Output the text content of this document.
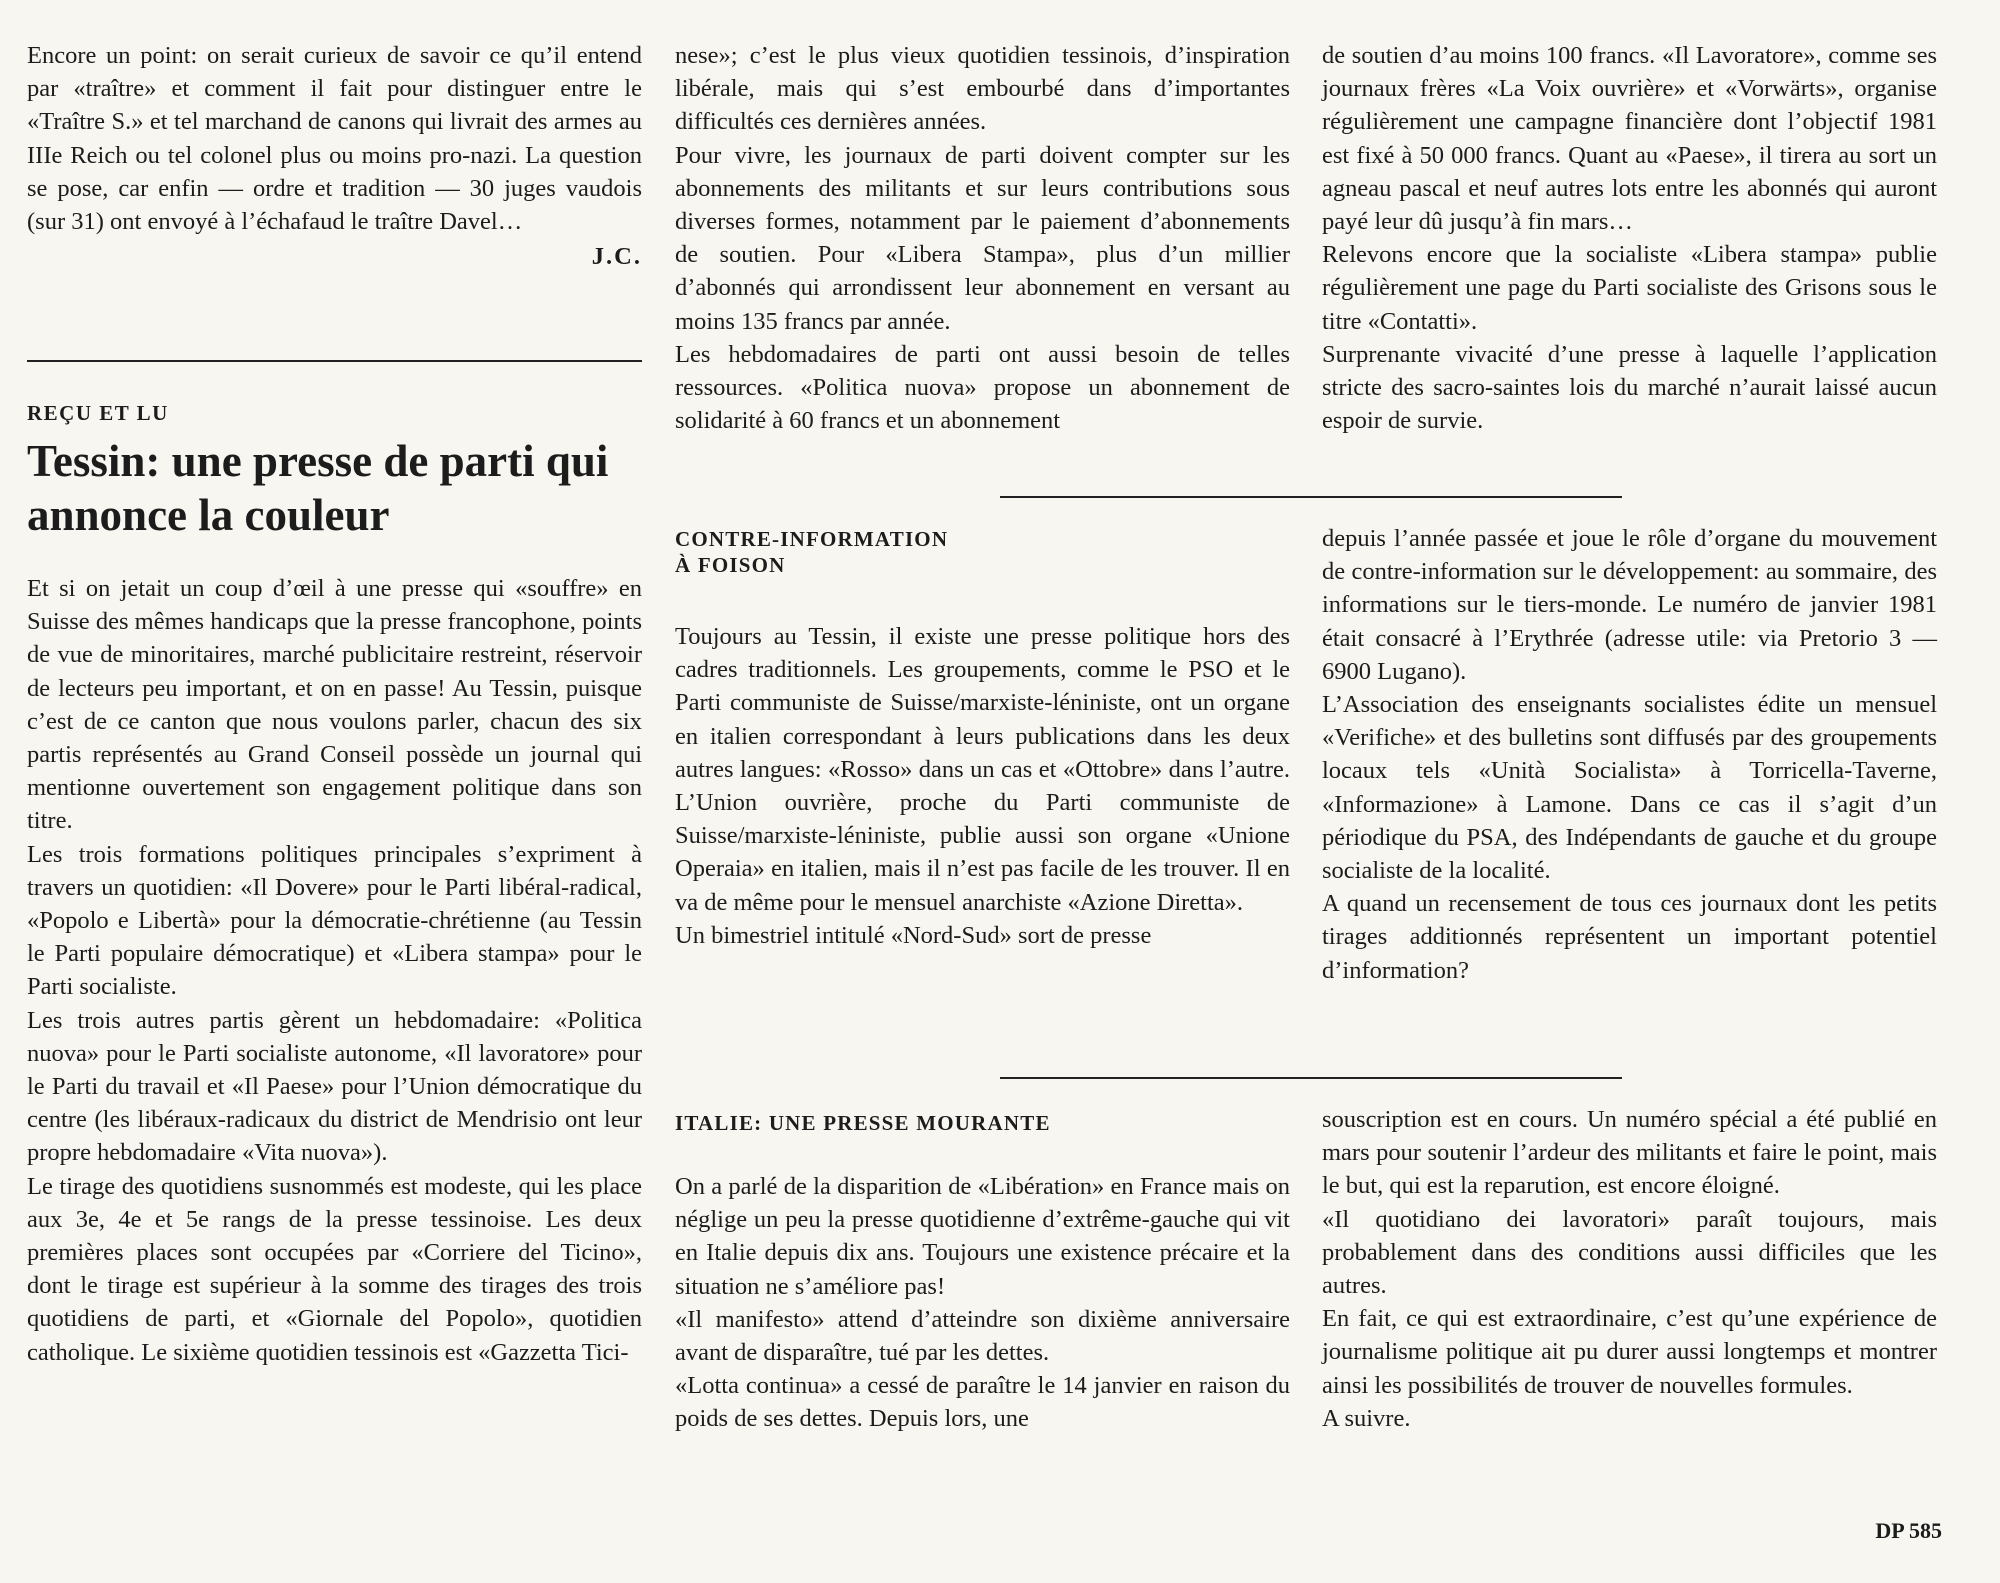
Encore un point: on serait curieux de savoir ce qu’il entend par «traître» et comment il fait pour distinguer entre le «Traître S.» et tel marchand de canons qui livrait des armes au IIIe Reich ou tel colonel plus ou moins pro-nazi. La question se pose, car enfin — ordre et tradition — 30 juges vaudois (sur 31) ont envoyé à l’échafaud le traître Davel…

J.C.

REÇU ET LU
Tessin: une presse de parti qui annonce la couleur

Et si on jetait un coup d’œil à une presse qui «souffre» en Suisse des mêmes handicaps que la presse francophone, points de vue de minoritaires, marché publicitaire restreint, réservoir de lecteurs peu important, et on en passe! Au Tessin, puisque c’est de ce canton que nous voulons parler, chacun des six partis représentés au Grand Conseil possède un journal qui mentionne ouvertement son engagement politique dans son titre.

Les trois formations politiques principales s’expriment à travers un quotidien: «Il Dovere» pour le Parti libéral-radical, «Popolo e Libertà» pour la démocratie-chrétienne (au Tessin le Parti populaire démocratique) et «Libera stampa» pour le Parti socialiste.

Les trois autres partis gèrent un hebdomadaire: «Politica nuova» pour le Parti socialiste autonome, «Il lavoratore» pour le Parti du travail et «Il Paese» pour l’Union démocratique du centre (les libéraux-radicaux du district de Mendrisio ont leur propre hebdomadaire «Vita nuova»).

Le tirage des quotidiens susnommés est modeste, qui les place aux 3e, 4e et 5e rangs de la presse tessinoise. Les deux premières places sont occupées par «Corriere del Ticino», dont le tirage est supérieur à la somme des tirages des trois quotidiens de parti, et «Giornale del Popolo», quotidien catholique. Le sixième quotidien tessinois est «Gazzetta Tici-

nese»; c’est le plus vieux quotidien tessinois, d’inspiration libérale, mais qui s’est embourbé dans d’importantes difficultés ces dernières années.

Pour vivre, les journaux de parti doivent compter sur les abonnements des militants et sur leurs contributions sous diverses formes, notamment par le paiement d’abonnements de soutien. Pour «Libera Stampa», plus d’un millier d’abonnés qui arrondissent leur abonnement en versant au moins 135 francs par année.

Les hebdomadaires de parti ont aussi besoin de telles ressources. «Politica nuova» propose un abonnement de solidarité à 60 francs et un abonnement

de soutien d’au moins 100 francs. «Il Lavoratore», comme ses journaux frères «La Voix ouvrière» et «Vorwärts», organise régulièrement une campagne financière dont l’objectif 1981 est fixé à 50 000 francs. Quant au «Paese», il tirera au sort un agneau pascal et neuf autres lots entre les abonnés qui auront payé leur dû jusqu’à fin mars…

Relevons encore que la socialiste «Libera stampa» publie régulièrement une page du Parti socialiste des Grisons sous le titre «Contatti».

Surprenante vivacité d’une presse à laquelle l’application stricte des sacro-saintes lois du marché n’aurait laissé aucun espoir de survie.

CONTRE-INFORMATION
À FOISON

Toujours au Tessin, il existe une presse politique hors des cadres traditionnels. Les groupements, comme le PSO et le Parti communiste de Suisse/marxiste-léniniste, ont un organe en italien correspondant à leurs publications dans les deux autres langues: «Rosso» dans un cas et «Ottobre» dans l’autre. L’Union ouvrière, proche du Parti communiste de Suisse/marxiste-léniniste, publie aussi son organe «Unione Operaia» en italien, mais il n’est pas facile de les trouver. Il en va de même pour le mensuel anarchiste «Azione Diretta».

Un bimestriel intitulé «Nord-Sud» sort de presse

depuis l’année passée et joue le rôle d’organe du mouvement de contre-information sur le développement: au sommaire, des informations sur le tiers-monde. Le numéro de janvier 1981 était consacré à l’Erythrée (adresse utile: via Pretorio 3 — 6900 Lugano).

L’Association des enseignants socialistes édite un mensuel «Verifiche» et des bulletins sont diffusés par des groupements locaux tels «Unità Socialista» à Torricella-Taverne, «Informazione» à Lamone. Dans ce cas il s’agit d’un périodique du PSA, des Indépendants de gauche et du groupe socialiste de la localité.

A quand un recensement de tous ces journaux dont les petits tirages additionnés représentent un important potentiel d’information?

ITALIE: UNE PRESSE MOURANTE

On a parlé de la disparition de «Libération» en France mais on néglige un peu la presse quotidienne d’extrême-gauche qui vit en Italie depuis dix ans. Toujours une existence précaire et la situation ne s’améliore pas!

«Il manifesto» attend d’atteindre son dixième anniversaire avant de disparaître, tué par les dettes.

«Lotta continua» a cessé de paraître le 14 janvier en raison du poids de ses dettes. Depuis lors, une

souscription est en cours. Un numéro spécial a été publié en mars pour soutenir l’ardeur des militants et faire le point, mais le but, qui est la reparution, est encore éloigné.

«Il quotidiano dei lavoratori» paraît toujours, mais probablement dans des conditions aussi difficiles que les autres.

En fait, ce qui est extraordinaire, c’est qu’une expérience de journalisme politique ait pu durer aussi longtemps et montrer ainsi les possibilités de trouver de nouvelles formules.

A suivre.

DP 585
